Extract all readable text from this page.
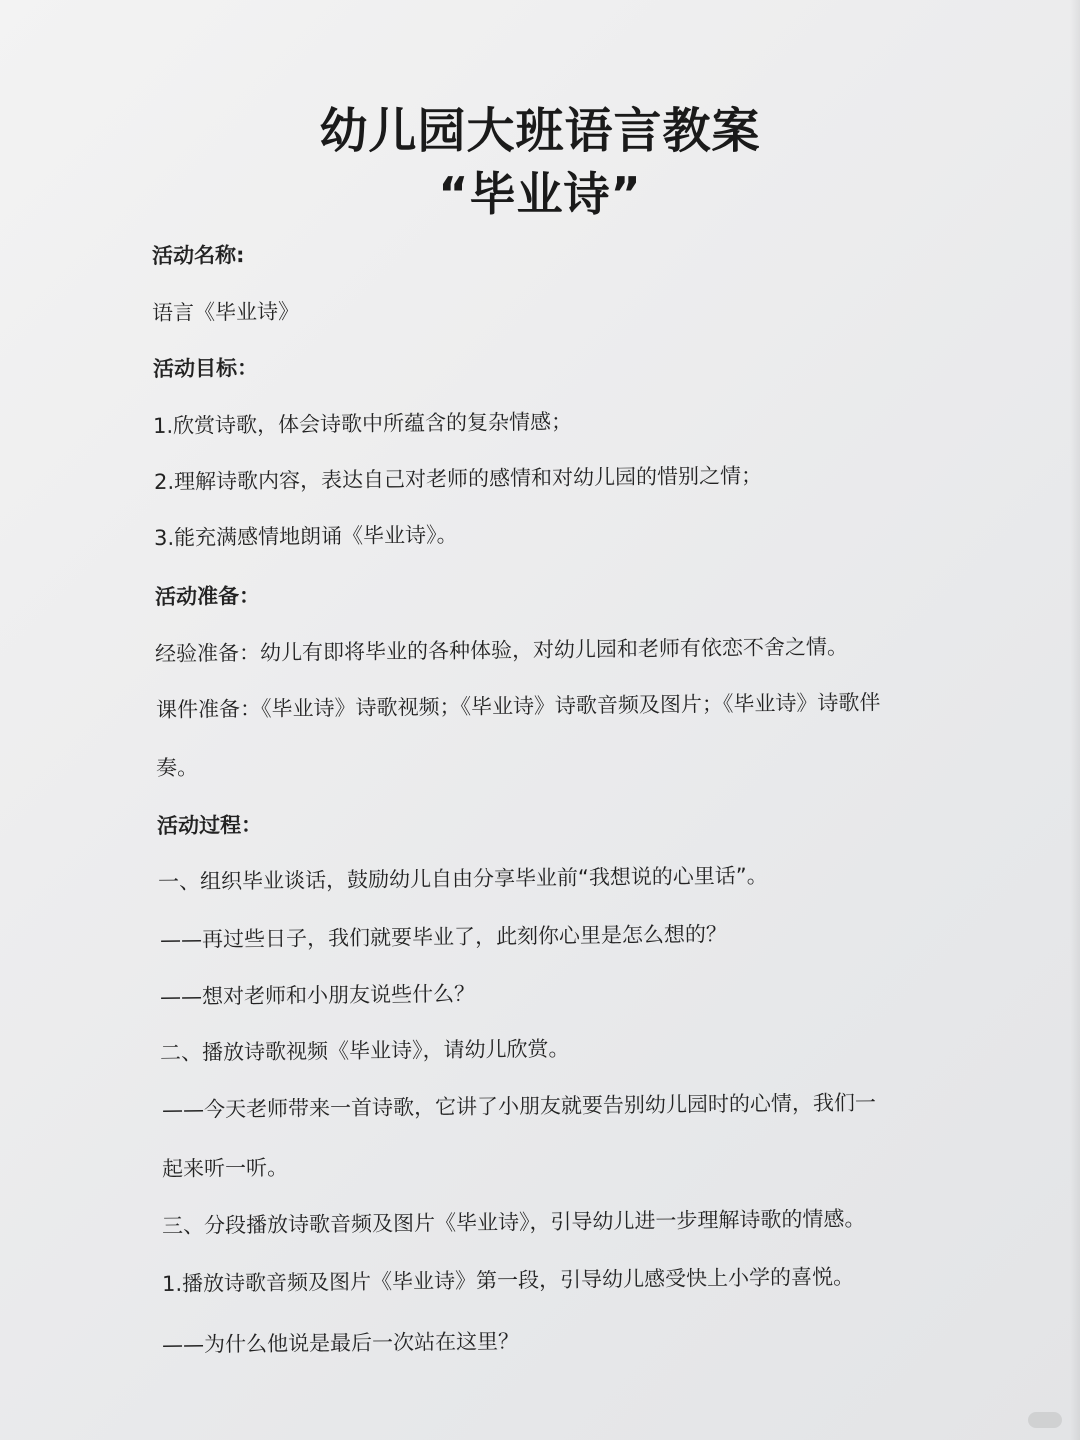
幼儿园大班语言教案
“毕业诗”
活动名称:
语言《毕业诗》
活动目标：
1.欣赏诗歌，体会诗歌中所蕴含的复杂情感；
2.理解诗歌内容，表达自己对老师的感情和对幼儿园的惜别之情；
3.能充满感情地朗诵《毕业诗》。
活动准备：
经验准备：幼儿有即将毕业的各种体验，对幼儿园和老师有依恋不舍之情。
课件准备：《毕业诗》诗歌视频；《毕业诗》诗歌音频及图片；《毕业诗》诗歌伴
奏。
活动过程：
一、组织毕业谈话，鼓励幼儿自由分享毕业前“我想说的心里话”。
——再过些日子，我们就要毕业了，此刻你心里是怎么想的？
——想对老师和小朋友说些什么？
二、播放诗歌视频《毕业诗》，请幼儿欣赏。
——今天老师带来一首诗歌，它讲了小朋友就要告别幼儿园时的心情，我们一
起来听一听。
三、分段播放诗歌音频及图片《毕业诗》，引导幼儿进一步理解诗歌的情感。
1.播放诗歌音频及图片《毕业诗》第一段，引导幼儿感受快上小学的喜悦。
——为什么他说是最后一次站在这里？
